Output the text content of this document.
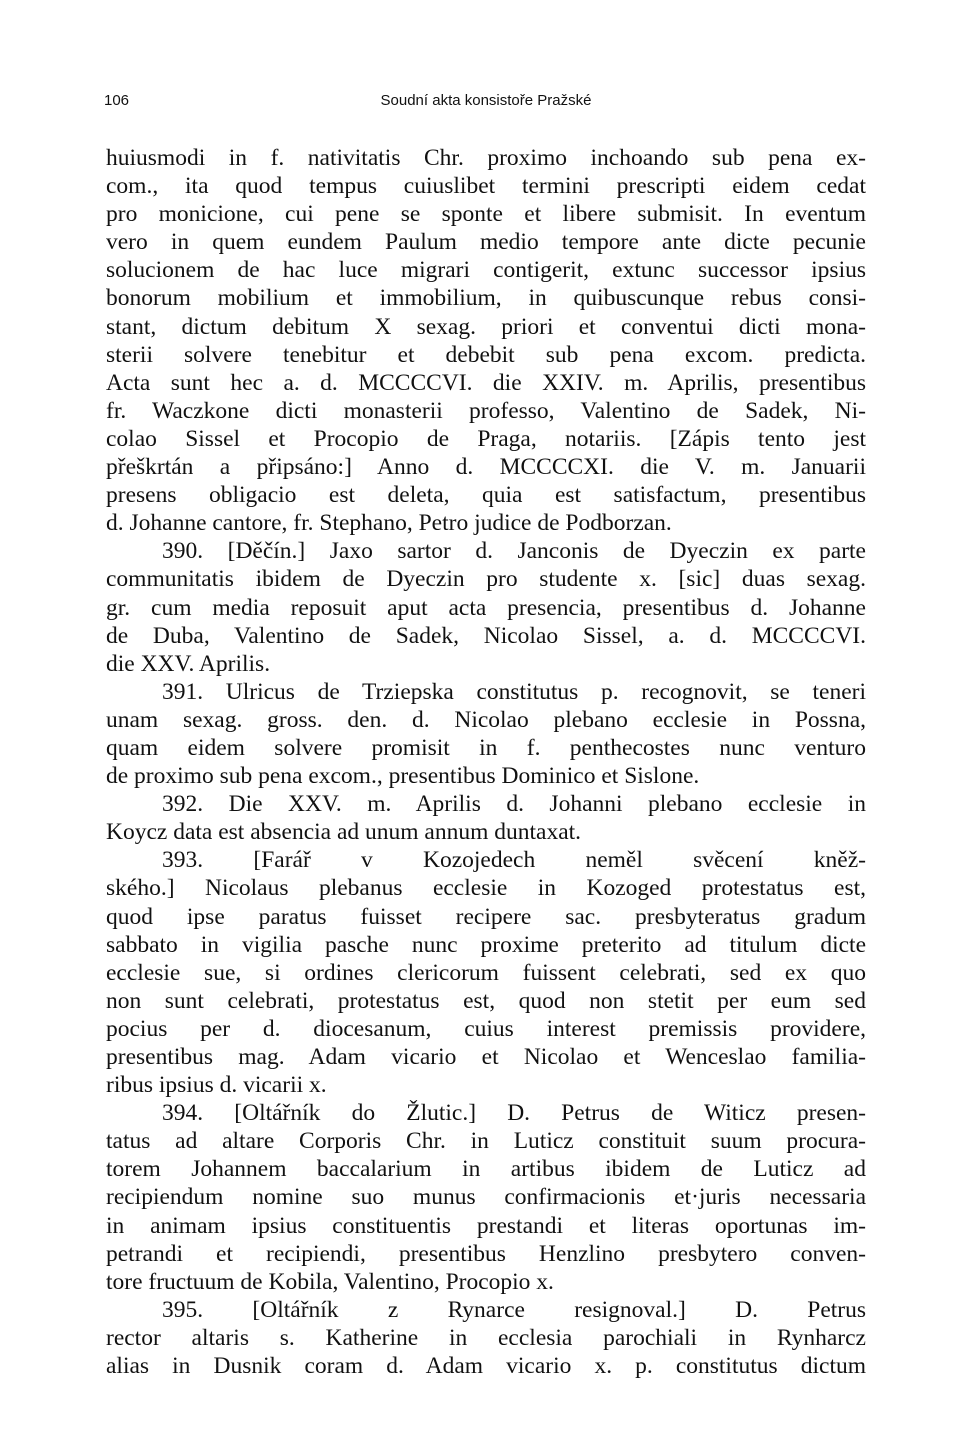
106	Soudní akta konsistoře Pražské
huiusmodi in f. nativitatis Chr. proximo inchoando sub pena ex-
com., ita quod tempus cuiuslibet termini prescripti eidem cedat
pro monicione, cui pene se sponte et libere submisit. In eventum
vero in quem eundem Paulum medio tempore ante dicte pecunie
solucionem de hac luce migrari contigerit, extunc successor ipsius
bonorum mobilium et immobilium, in quibuscunque rebus consi-
stant, dictum debitum X sexag. priori et conventui dicti mona-
sterii solvere tenebitur et debebit sub pena excom. predicta.
Acta sunt hec a. d. MCCCCVI. die XXIV. m. Aprilis, presentibus
fr. Waczkone dicti monasterii professo, Valentino de Sadek, Ni-
colao Sissel et Procopio de Praga, notariis. [Zápis tento jest
přeškrtán a připsáno:] Anno d. MCCCCXI. die V. m. Januarii
presens obligacio est deleta, quia est satisfactum, presentibus
d. Johanne cantore, fr. Stephano, Petro judice de Podborzan.
390. [Děčín.] Jaxo sartor d. Janconis de Dyeczin ex parte
communitatis ibidem de Dyeczin pro studente x. [sic] duas sexag.
gr. cum media reposuit aput acta presencia, presentibus d. Johanne
de Duba, Valentino de Sadek, Nicolao Sissel, a. d. MCCCCVI.
die XXV. Aprilis.
391. Ulricus de Trziepska constitutus p. recognovit, se teneri
unam sexag. gross. den. d. Nicolao plebano ecclesie in Possna,
quam eidem solvere promisit in f. penthecostes nunc venturo
de proximo sub pena excom., presentibus Dominico et Sislone.
392. Die XXV. m. Aprilis d. Johanni plebano ecclesie in
Koycz data est absencia ad unum annum duntaxat.
393. [Farář v Kozojedech neměl svěcení kněž-
ského.] Nicolaus plebanus ecclesie in Kozoged protestatus est,
quod ipse paratus fuisset recipere sac. presbyteratus gradum
sabbato in vigilia pasche nunc proxime preterito ad titulum dicte
ecclesie sue, si ordines clericorum fuissent celebrati, sed ex quo
non sunt celebrati, protestatus est, quod non stetit per eum sed
pocius per d. diocesanum, cuius interest premissis providere,
presentibus mag. Adam vicario et Nicolao et Wenceslao familia-
ribus ipsius d. vicarii x.
394. [Oltářník do Žlutic.] D. Petrus de Witicz presen-
tatus ad altare Corporis Chr. in Luticz constituit suum procura-
torem Johannem baccalarium in artibus ibidem de Luticz ad
recipiendum nomine suo munus confirmacionis et·juris necessaria
in animam ipsius constituentis prestandi et literas oportunas im-
petrandi et recipiendi, presentibus Henzlino presbytero conven-
tore fructuum de Kobila, Valentino, Procopio x.
395. [Oltářník z Rynarce resignoval.] D. Petrus
rector altaris s. Katherine in ecclesia parochiali in Rynharcz
alias in Dusnik coram d. Adam vicario x. p. constitutus dictum
